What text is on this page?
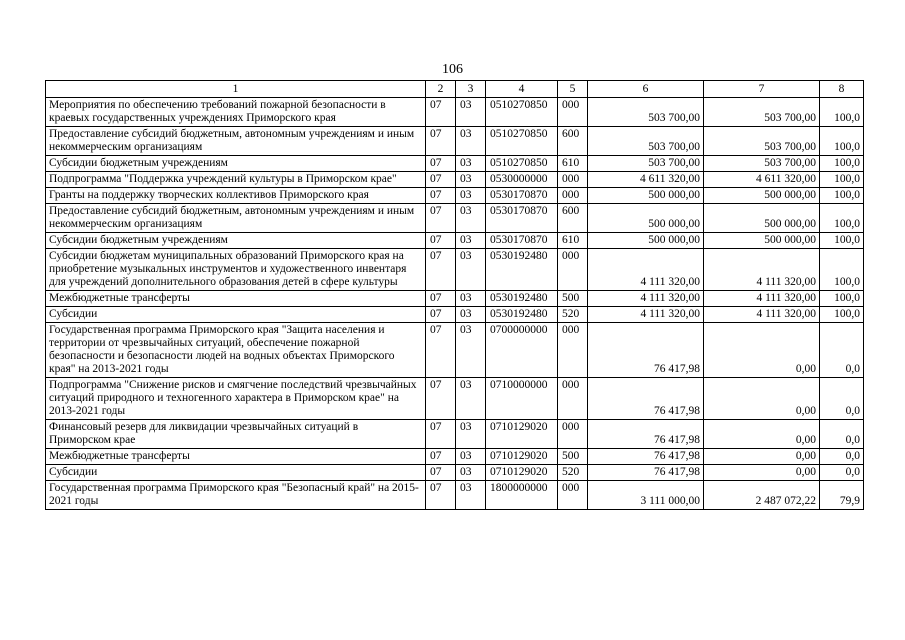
106
1	2	3	4	5	6	7	8
Мероприятия по обеспечению требований пожарной безопасности в краевых государственных учреждениях Приморского края	07	03	0510270850	000	503 700,00	503 700,00	100,0
Предоставление субсидий бюджетным, автономным учреждениям и иным некоммерческим организациям	07	03	0510270850	600	503 700,00	503 700,00	100,0
Субсидии бюджетным учреждениям	07	03	0510270850	610	503 700,00	503 700,00	100,0
Подпрограмма "Поддержка учреждений культуры в Приморском крае"	07	03	0530000000	000	4 611 320,00	4 611 320,00	100,0
Гранты на поддержку творческих коллективов Приморского края	07	03	0530170870	000	500 000,00	500 000,00	100,0
Предоставление субсидий бюджетным, автономным учреждениям и иным некоммерческим организациям	07	03	0530170870	600	500 000,00	500 000,00	100,0
Субсидии бюджетным учреждениям	07	03	0530170870	610	500 000,00	500 000,00	100,0
Субсидии бюджетам муниципальных образований Приморского края на приобретение музыкальных инструментов и художественного инвентаря для учреждений дополнительного образования детей в сфере культуры	07	03	0530192480	000	4 111 320,00	4 111 320,00	100,0
Межбюджетные трансферты	07	03	0530192480	500	4 111 320,00	4 111 320,00	100,0
Субсидии	07	03	0530192480	520	4 111 320,00	4 111 320,00	100,0
Государственная программа Приморского края "Защита населения и территории от чрезвычайных ситуаций, обеспечение пожарной безопасности и безопасности людей на водных объектах Приморского края" на 2013-2021 годы	07	03	0700000000	000	76 417,98	0,00	0,0
Подпрограмма "Снижение рисков и смягчение последствий чрезвычайных ситуаций природного и техногенного характера в Приморском крае" на 2013-2021 годы	07	03	0710000000	000	76 417,98	0,00	0,0
Финансовый резерв для ликвидации чрезвычайных ситуаций в Приморском крае	07	03	0710129020	000	76 417,98	0,00	0,0
Межбюджетные трансферты	07	03	0710129020	500	76 417,98	0,00	0,0
Субсидии	07	03	0710129020	520	76 417,98	0,00	0,0
Государственная программа Приморского края "Безопасный край" на 2015-2021 годы	07	03	1800000000	000	3 111 000,00	2 487 072,22	79,9
